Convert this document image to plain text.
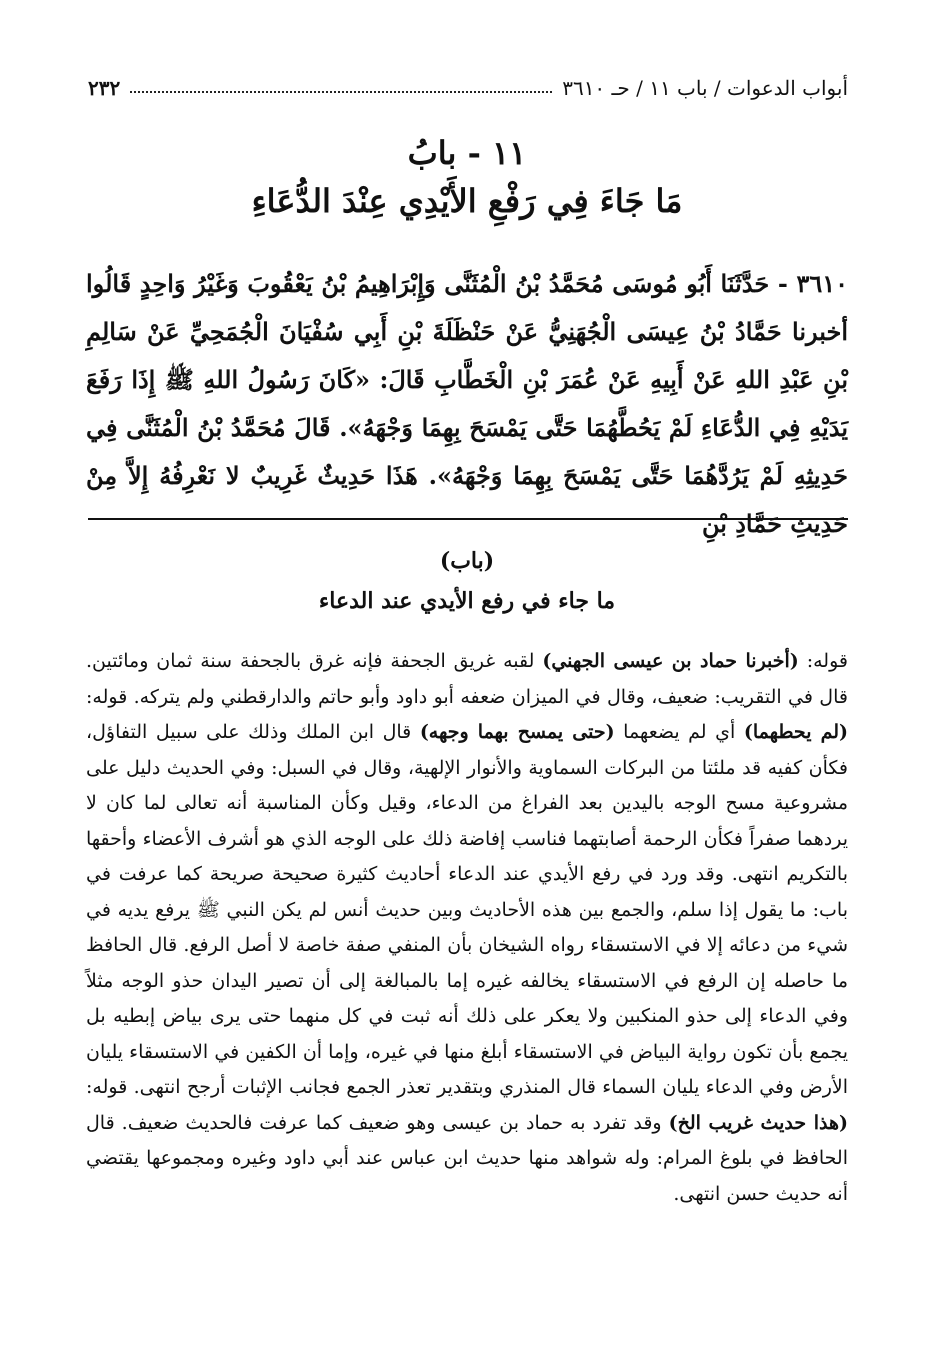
أبواب الدعوات / باب ١١ / حـ ٣٦١٠
٢٣٢
١١ - بابُ
مَا جَاءَ فِي رَفْعِ الأَيْدِي عِنْدَ الدُّعَاءِ
٣٦١٠ - حَدَّثَنَا أَبُو مُوسَى مُحَمَّدُ بْنُ الْمُثَنَّى وَإِبْرَاهِيمُ بْنُ يَعْقُوبَ وَغَيْرُ وَاحِدٍ قَالُوا أخبرنا حَمَّادُ بْنُ عِيسَى الْجُهَنِيُّ عَنْ حَنْظَلَةَ بْنِ أَبِي سُفْيَانَ الْجُمَحِيِّ عَنْ سَالِمِ بْنِ عَبْدِ اللهِ عَنْ أَبِيهِ عَنْ عُمَرَ بْنِ الْخَطَّابِ قَالَ: «كَانَ رَسُولُ اللهِ ﷺ إِذَا رَفَعَ يَدَيْهِ فِي الدُّعَاءِ لَمْ يَحُطَّهُمَا حَتَّى يَمْسَحَ بِهِمَا وَجْهَهُ». قَالَ مُحَمَّدُ بْنُ الْمُثَنَّى فِي حَدِيثِهِ لَمْ يَرُدَّهُمَا حَتَّى يَمْسَحَ بِهِمَا وَجْهَهُ». هَذَا حَدِيثٌ غَرِيبٌ لا نَعْرِفُهُ إِلاَّ مِنْ حَدِيثِ حَمَّادِ بْنِ
(باب)
ما جاء في رفع الأيدي عند الدعاء

قوله: (أخبرنا حماد بن عيسى الجهني) لقبه غريق الجحفة فإنه غرق بالجحفة سنة ثمان ومائتين. قال في التقريب: ضعيف، وقال في الميزان ضعفه أبو داود وأبو حاتم والدارقطني ولم يتركه. قوله: (لم يحطهما) أي لم يضعهما (حتى يمسح بهما وجهه) قال ابن الملك وذلك على سبيل التفاؤل، فكأن كفيه قد ملئتا من البركات السماوية والأنوار الإلهية، وقال في السبل: وفي الحديث دليل على مشروعية مسح الوجه باليدين بعد الفراغ من الدعاء، وقيل وكأن المناسبة أنه تعالى لما كان لا يردهما صفراً فكأن الرحمة أصابتهما فناسب إفاضة ذلك على الوجه الذي هو أشرف الأعضاء وأحقها بالتكريم انتهى. وقد ورد في رفع الأيدي عند الدعاء أحاديث كثيرة صحيحة صريحة كما عرفت في باب: ما يقول إذا سلم، والجمع بين هذه الأحاديث وبين حديث أنس لم يكن النبي ﷺ يرفع يديه في شيء من دعائه إلا في الاستسقاء رواه الشيخان بأن المنفي صفة خاصة لا أصل الرفع. قال الحافظ ما حاصله إن الرفع في الاستسقاء يخالفه غيره إما بالمبالغة إلى أن تصير اليدان حذو الوجه مثلاً وفي الدعاء إلى حذو المنكبين ولا يعكر على ذلك أنه ثبت في كل منهما حتى يرى بياض إبطيه بل يجمع بأن تكون رواية البياض في الاستسقاء أبلغ منها في غيره، وإما أن الكفين في الاستسقاء يليان الأرض وفي الدعاء يليان السماء قال المنذري وبتقدير تعذر الجمع فجانب الإثبات أرجح انتهى. قوله: (هذا حديث غريب الخ) وقد تفرد به حماد بن عيسى وهو ضعيف كما عرفت فالحديث ضعيف. قال الحافظ في بلوغ المرام: وله شواهد منها حديث ابن عباس عند أبي داود وغيره ومجموعها يقتضي أنه حديث حسن انتهى.
